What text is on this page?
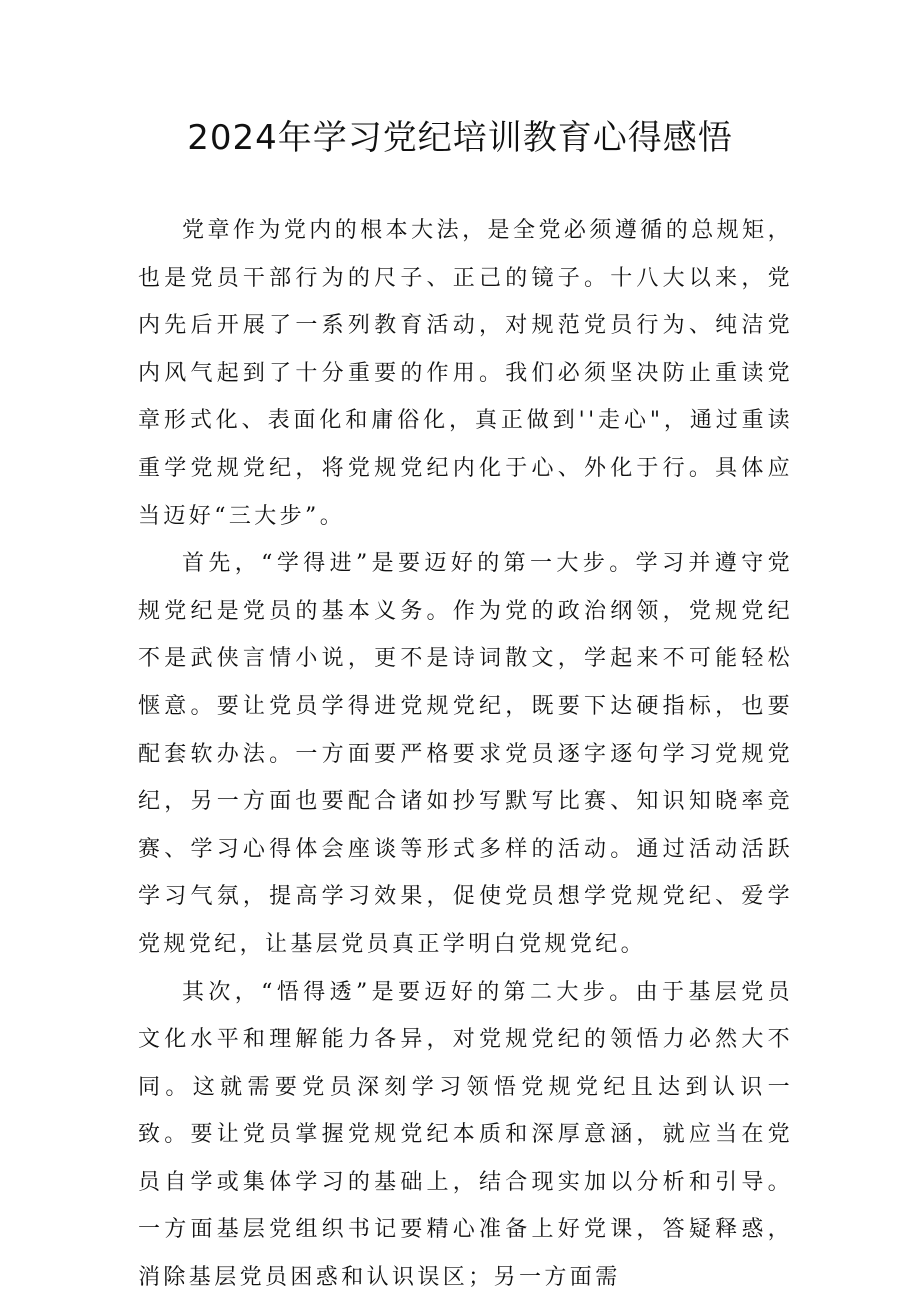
2024年学习党纪培训教育心得感悟

党章作为党内的根本大法，是全党必须遵循的总规矩，也是党员干部行为的尺子、正己的镜子。十八大以来，党内先后开展了一系列教育活动，对规范党员行为、纯洁党内风气起到了十分重要的作用。我们必须坚决防止重读党章形式化、表面化和庸俗化，真正做到''走心"，通过重读重学党规党纪，将党规党纪内化于心、外化于行。具体应当迈好“三大步”。

首先，“学得进”是要迈好的第一大步。学习并遵守党规党纪是党员的基本义务。作为党的政治纲领，党规党纪不是武侠言情小说，更不是诗词散文，学起来不可能轻松惬意。要让党员学得进党规党纪，既要下达硬指标，也要配套软办法。一方面要严格要求党员逐字逐句学习党规党纪，另一方面也要配合诸如抄写默写比赛、知识知晓率竞赛、学习心得体会座谈等形式多样的活动。通过活动活跃学习气氛，提高学习效果，促使党员想学党规党纪、爱学党规党纪，让基层党员真正学明白党规党纪。

其次，“悟得透”是要迈好的第二大步。由于基层党员文化水平和理解能力各异，对党规党纪的领悟力必然大不同。这就需要党员深刻学习领悟党规党纪且达到认识一致。要让党员掌握党规党纪本质和深厚意涵，就应当在党员自学或集体学习的基础上，结合现实加以分析和引导。一方面基层党组织书记要精心准备上好党课，答疑释惑，消除基层党员困惑和认识误区；另一方面需
